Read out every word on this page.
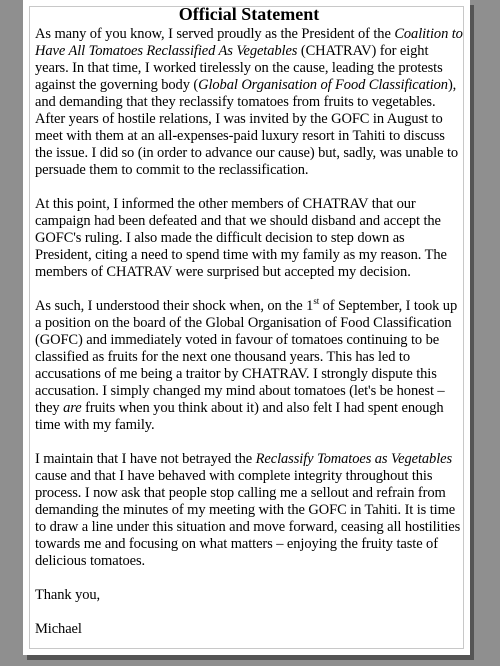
Official Statement

As many of you know, I served proudly as the President of the Coalition to Have All Tomatoes Reclassified As Vegetables (CHATRAV) for eight years. In that time, I worked tirelessly on the cause, leading the protests against the governing body (Global Organisation of Food Classification), and demanding that they reclassify tomatoes from fruits to vegetables. After years of hostile relations, I was invited by the GOFC in August to meet with them at an all-expenses-paid luxury resort in Tahiti to discuss the issue. I did so (in order to advance our cause) but, sadly, was unable to persuade them to commit to the reclassification.

At this point, I informed the other members of CHATRAV that our campaign had been defeated and that we should disband and accept the GOFC's ruling. I also made the difficult decision to step down as President, citing a need to spend time with my family as my reason. The members of CHATRAV were surprised but accepted my decision.

As such, I understood their shock when, on the 1st of September, I took up a position on the board of the Global Organisation of Food Classification (GOFC) and immediately voted in favour of tomatoes continuing to be classified as fruits for the next one thousand years. This has led to accusations of me being a traitor by CHATRAV. I strongly dispute this accusation. I simply changed my mind about tomatoes (let's be honest – they are fruits when you think about it) and also felt I had spent enough time with my family.

I maintain that I have not betrayed the Reclassify Tomatoes as Vegetables cause and that I have behaved with complete integrity throughout this process. I now ask that people stop calling me a sellout and refrain from demanding the minutes of my meeting with the GOFC in Tahiti. It is time to draw a line under this situation and move forward, ceasing all hostilities towards me and focusing on what matters – enjoying the fruity taste of delicious tomatoes.

Thank you,

Michael
